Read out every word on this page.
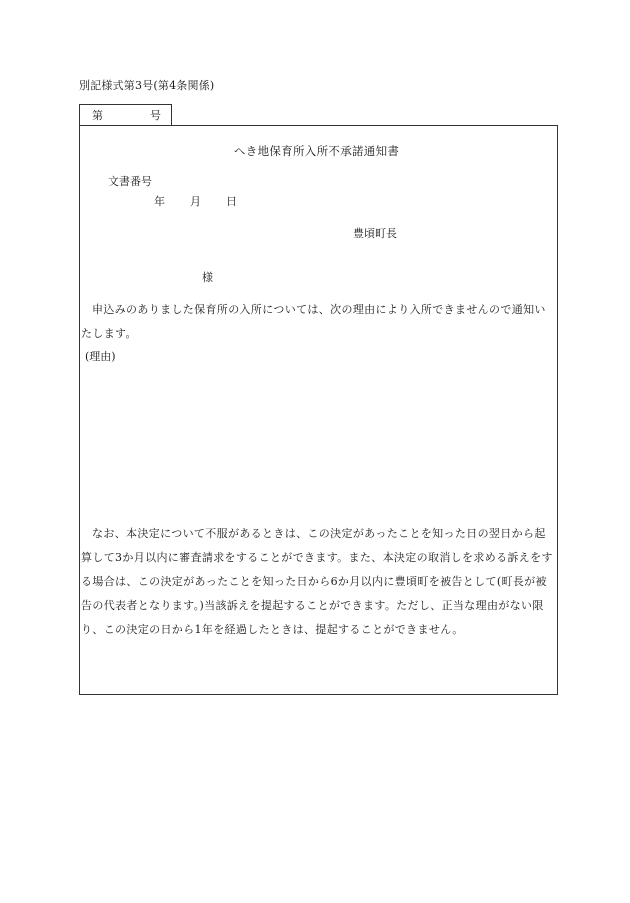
別記様式第3号(第4条関係)
第	号
へき地保育所入所不承諾通知書
文書番号
年 月 日
豊頃町長
様
申込みのありました保育所の入所については、次の理由により入所できませんので通知いたします。
(理由)
なお、本決定について不服があるときは、この決定があったことを知った日の翌日から起算して3か月以内に審査請求をすることができます。また、本決定の取消しを求める訴えをする場合は、この決定があったことを知った日から6か月以内に豊頃町を被告として(町長が被告の代表者となります。)当該訴えを提起することができます。ただし、正当な理由がない限り、この決定の日から1年を経過したときは、提起することができません。
